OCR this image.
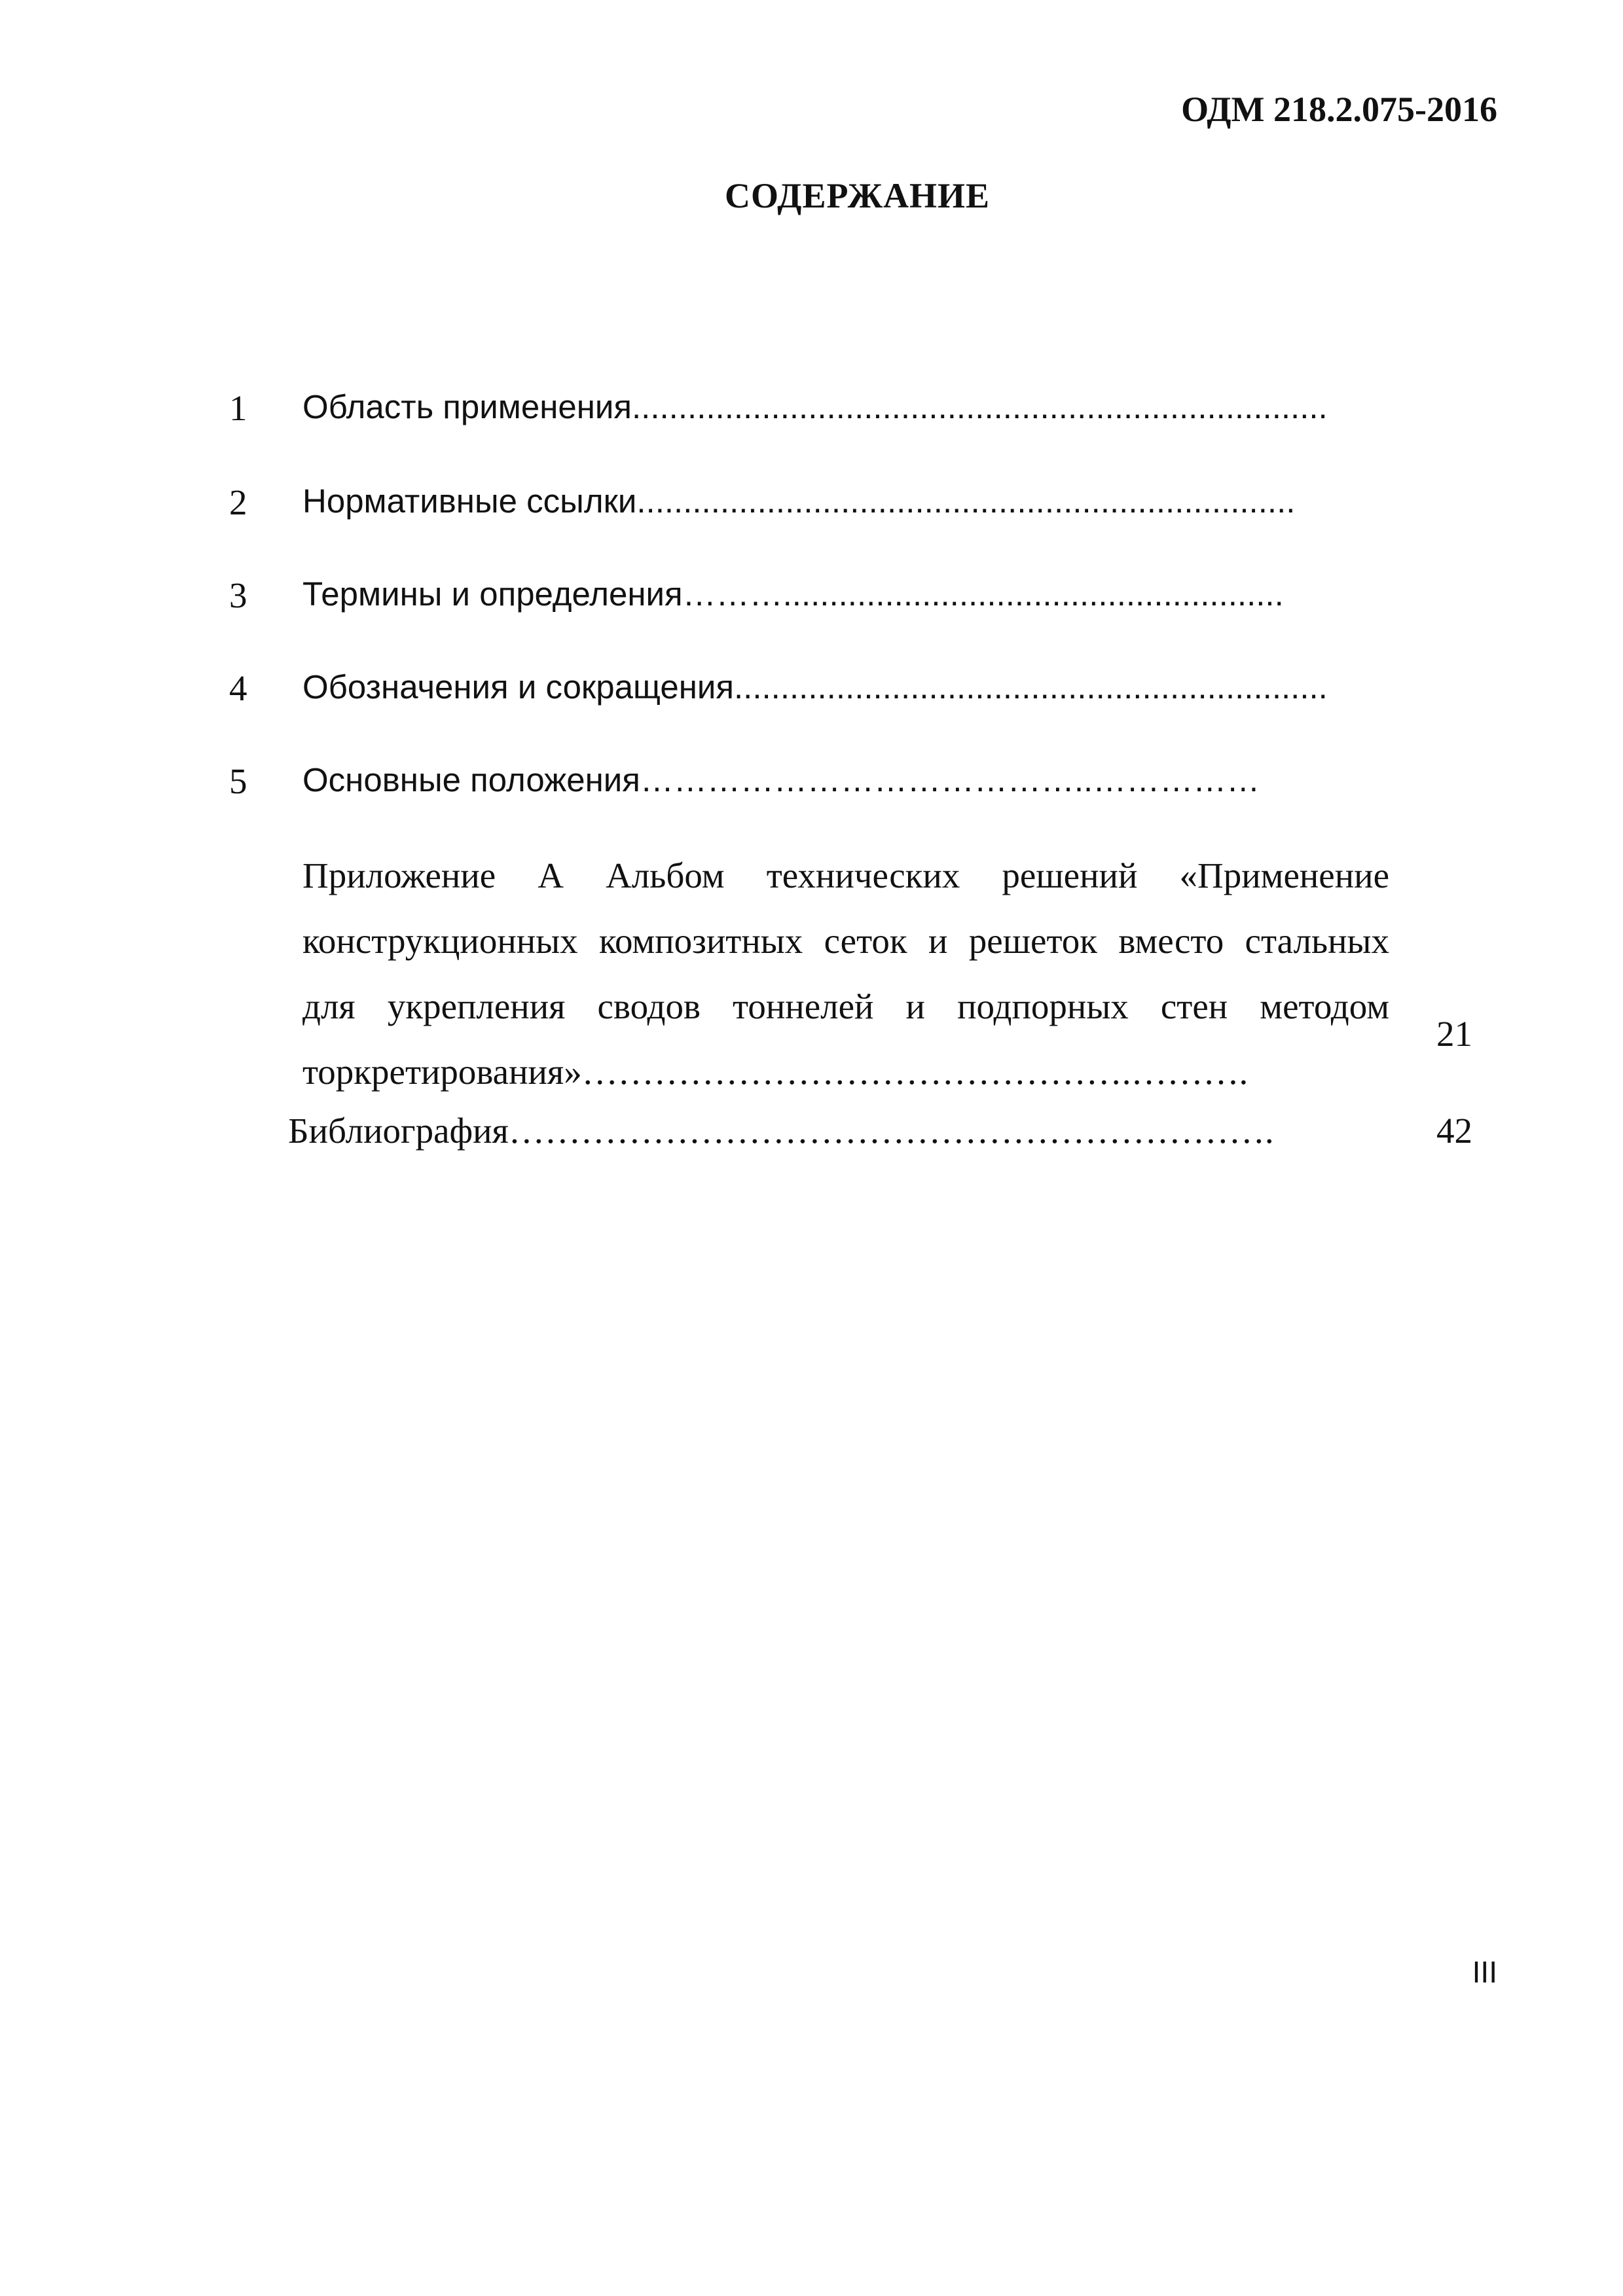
ОДМ 218.2.075-2016
СОДЕРЖАНИЕ
1 Область применения...........................................................................
2 Нормативные ссылки.......................................................................
3 Термины и определения………......................................................
4 Обозначения и сокращения................................................................
5 Основные положения…………………………………..……………
Приложение А Альбом технических решений «Применение
конструкционных композитных сеток и решеток вместо стальных
для укрепления сводов тоннелей и подпорных стен методом
торкретирования»……………………………………….……….
21
Библиография……………………………………………………….	42
III
